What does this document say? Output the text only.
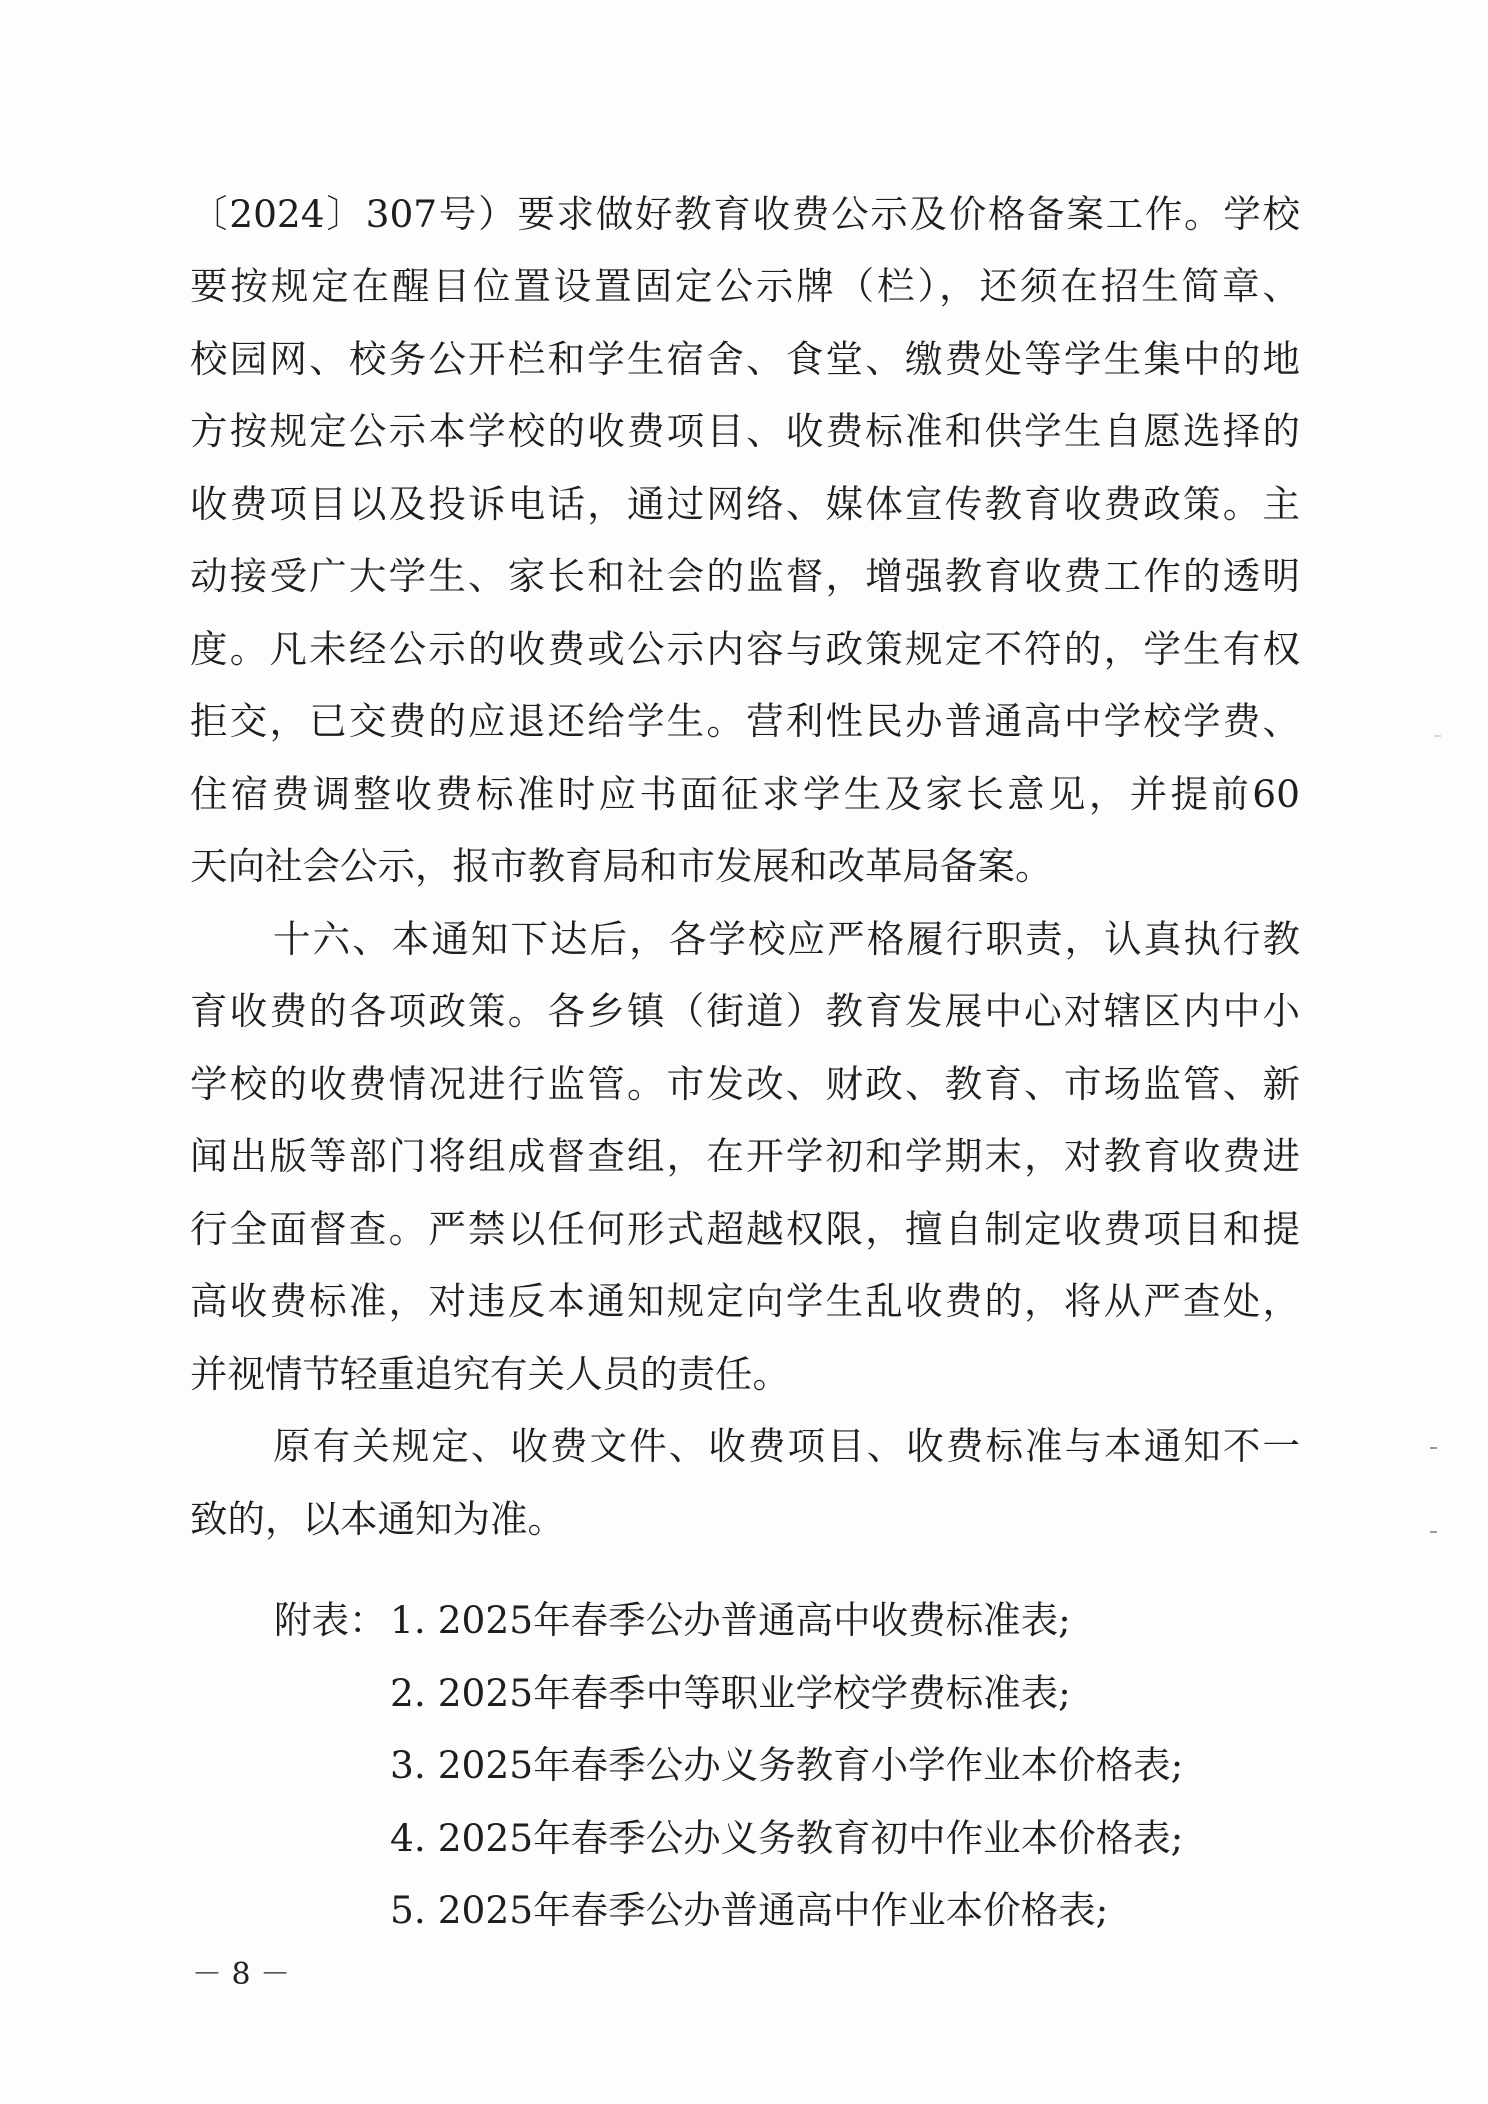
〔2024〕307号）要求做好教育收费公示及价格备案工作。学校
要按规定在醒目位置设置固定公示牌（栏），还须在招生简章、
校园网、校务公开栏和学生宿舍、食堂、缴费处等学生集中的地
方按规定公示本学校的收费项目、收费标准和供学生自愿选择的
收费项目以及投诉电话，通过网络、媒体宣传教育收费政策。主
动接受广大学生、家长和社会的监督，增强教育收费工作的透明
度。凡未经公示的收费或公示内容与政策规定不符的，学生有权
拒交，已交费的应退还给学生。营利性民办普通高中学校学费、
住宿费调整收费标准时应书面征求学生及家长意见，并提前60
天向社会公示，报市教育局和市发展和改革局备案。
十六、本通知下达后，各学校应严格履行职责，认真执行教
育收费的各项政策。各乡镇（街道）教育发展中心对辖区内中小
学校的收费情况进行监管。市发改、财政、教育、市场监管、新
闻出版等部门将组成督查组，在开学初和学期末，对教育收费进
行全面督查。严禁以任何形式超越权限，擅自制定收费项目和提
高收费标准，对违反本通知规定向学生乱收费的，将从严查处，
并视情节轻重追究有关人员的责任。
原有关规定、收费文件、收费项目、收费标准与本通知不一
致的，以本通知为准。
附表： 1. 2025年春季公办普通高中收费标准表;
2. 2025年春季中等职业学校学费标准表;
3. 2025年春季公办义务教育小学作业本价格表;
4. 2025年春季公办义务教育初中作业本价格表;
5. 2025年春季公办普通高中作业本价格表;
－ 8 －
